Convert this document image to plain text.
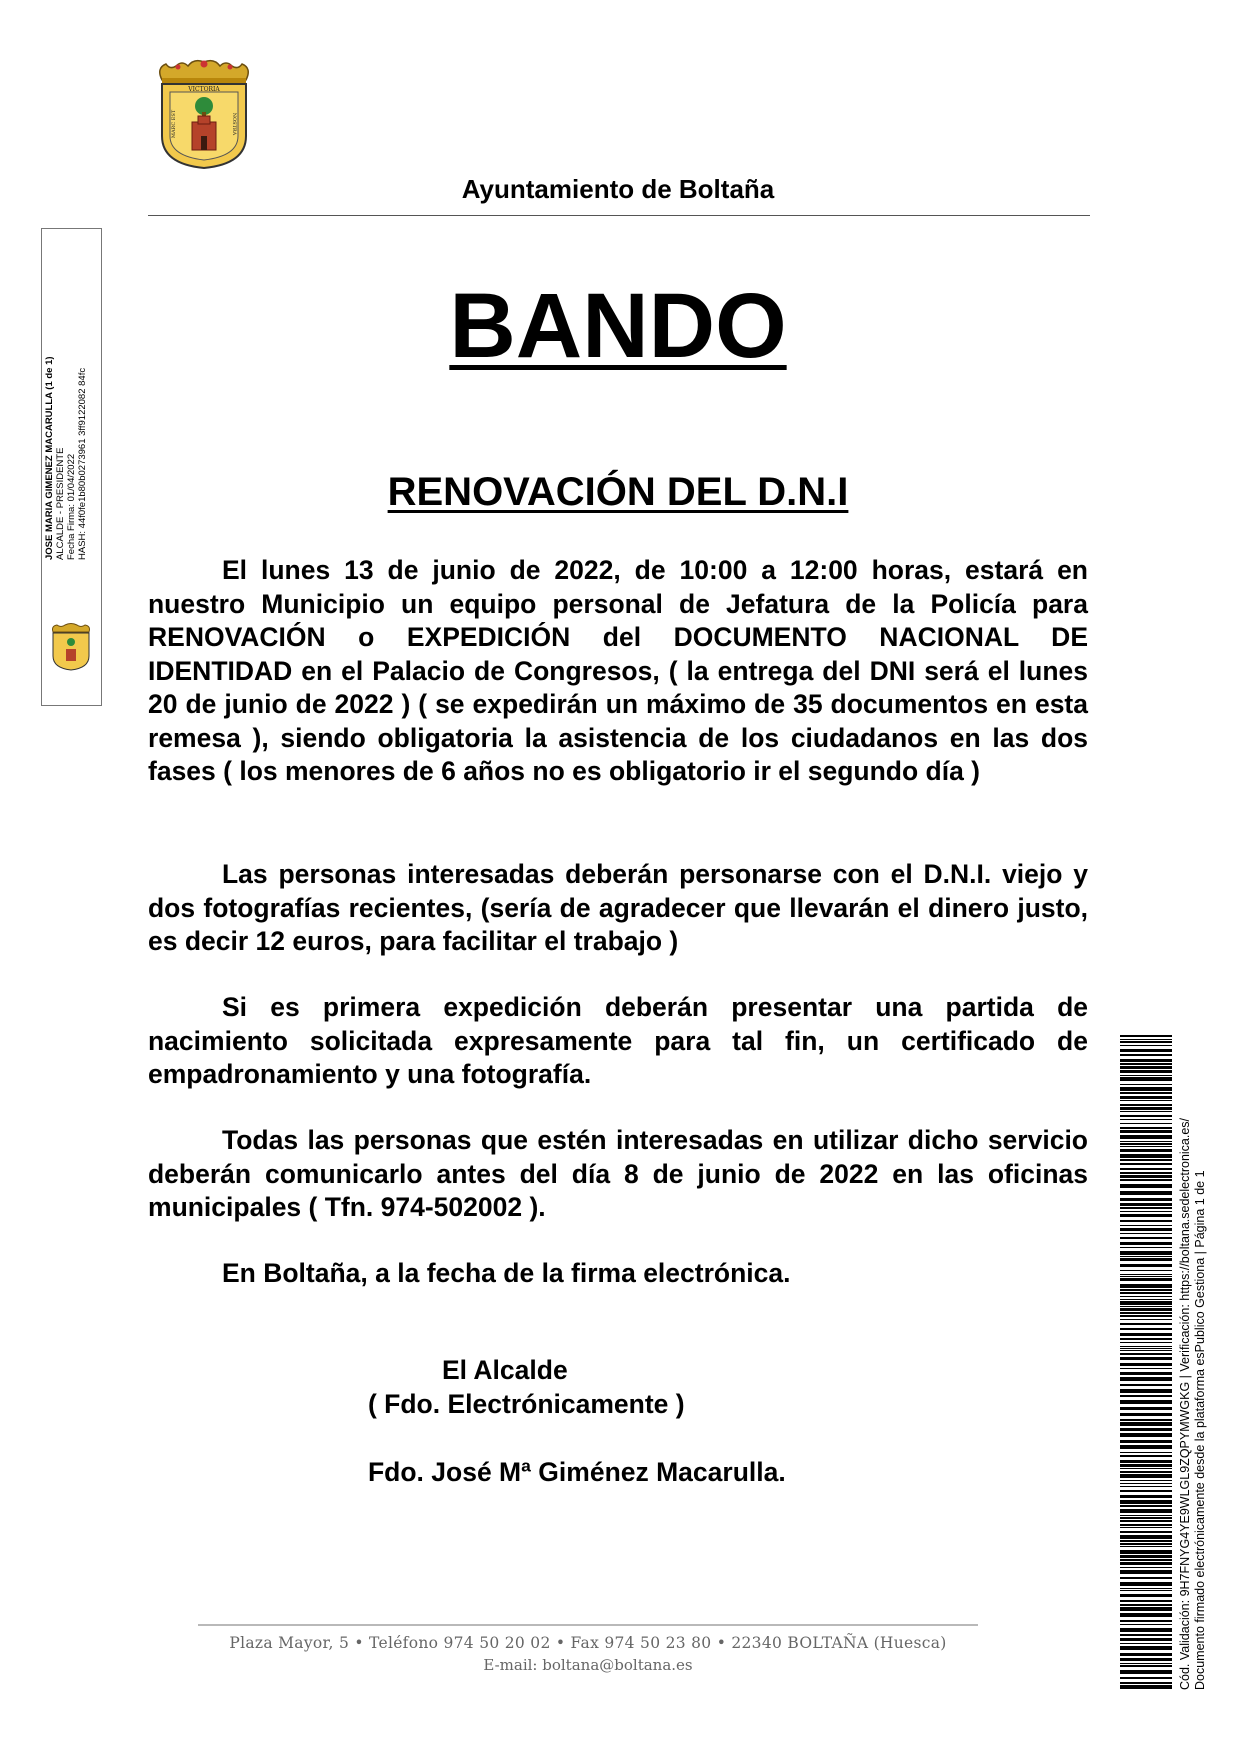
VICTORIA
MARC EST	NOSTRA
Ayuntamiento de Boltaña
BANDO
RENOVACIÓN DEL D.N.I

El lunes 13 de junio de 2022, de 10:00 a 12:00 horas, estará en nuestro Municipio un equipo personal de Jefatura de la Policía para RENOVACIÓN o EXPEDICIÓN del DOCUMENTO NACIONAL DE IDENTIDAD en el Palacio de Congresos, ( la entrega del DNI será el lunes 20 de junio de 2022 ) ( se expedirán un máximo de 35 documentos en esta remesa ), siendo obligatoria la asistencia de los ciudadanos en las dos fases ( los menores de 6 años no es obligatorio ir el segundo día )

Las personas interesadas deberán personarse con el D.N.I. viejo y dos fotografías recientes, (sería de agradecer que llevarán el dinero justo, es decir 12 euros, para facilitar el trabajo )

Si es primera expedición deberán presentar una partida de nacimiento solicitada expresamente para tal fin, un certificado de empadronamiento y una fotografía.

Todas las personas que estén interesadas en utilizar dicho servicio deberán comunicarlo antes del día 8 de junio de 2022 en las oficinas municipales ( Tfn. 974-502002 ).

En Boltaña, a la fecha de la firma electrónica.

El Alcalde
( Fdo. Electrónicamente )
Fdo. José Mª Giménez Macarulla.
Plaza Mayor, 5 • Teléfono 974 50 20 02 • Fax 974 50 23 80 • 22340 BOLTAÑA (Huesca)
E-mail: boltana@boltana.es
JOSE MARIA GIMENEZ MACARULLA (1 de 1) ALCALDE - PRESIDENTE Fecha Firma: 01/04/2022 HASH: 44f0fe1b80b0273961 3ff9122082 84fc
Cód. Validación: 9H7FNYG4YE9WLGL9ZQPYMWGKG | Verificación: https://boltana.sedelectronica.es/ Documento firmado electrónicamente desde la plataforma esPublico Gestiona | Página 1 de 1
